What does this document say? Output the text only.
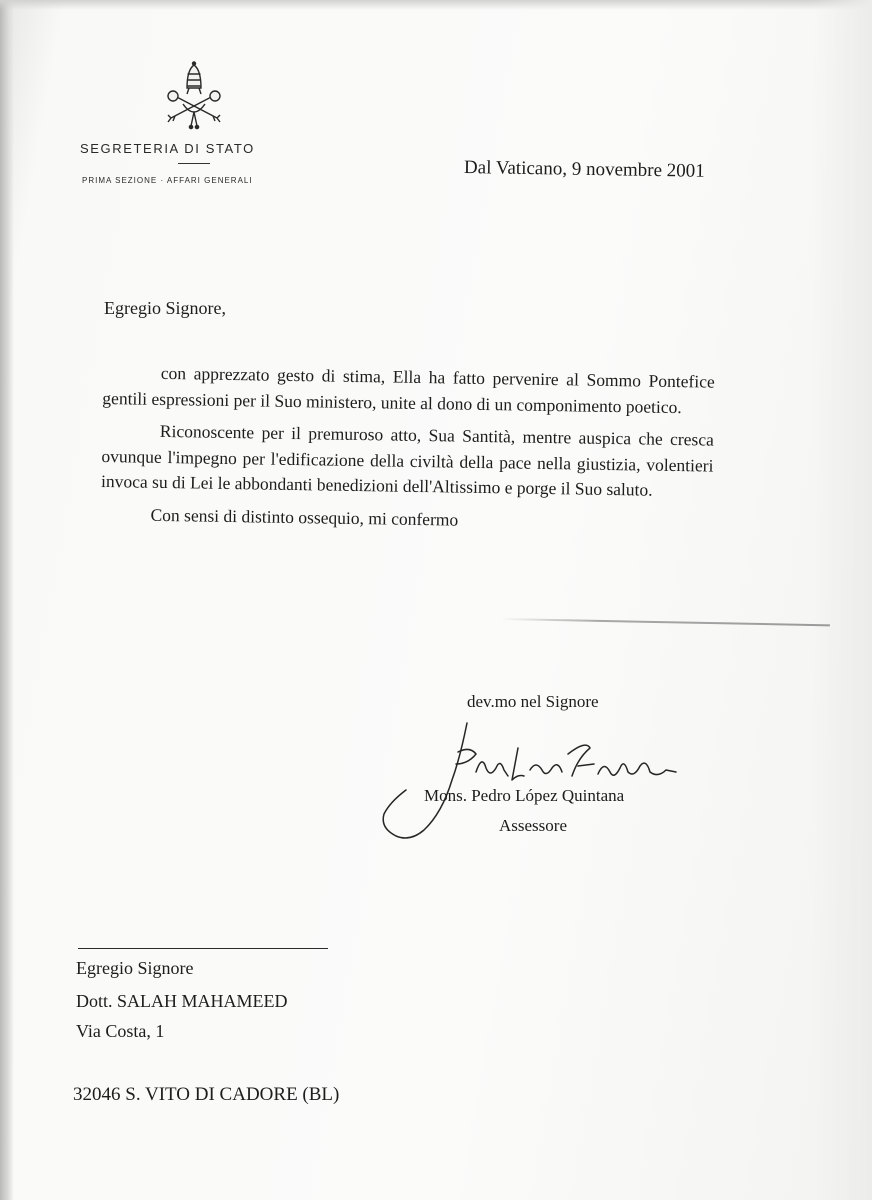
SEGRETERIA DI STATO
PRIMA SEZIONE · AFFARI GENERALI	Dal Vaticano, 9 novembre 2001
Egregio Signore,

con apprezzato gesto di stima, Ella ha fatto pervenire al Sommo Pontefice gentili espressioni per il Suo ministero, unite al dono di un componimento poetico.

Riconoscente per il premuroso atto, Sua Santità, mentre auspica che cresca ovunque l'impegno per l'edificazione della civiltà della pace nella giustizia, volentieri invoca su di Lei le abbondanti benedizioni dell'Altissimo e porge il Suo saluto.

Con sensi di distinto ossequio, mi confermo

dev.mo nel Signore
Mons. Pedro López Quintana
Assessore
Egregio Signore
Dott. SALAH MAHAMEED
Via Costa, 1
32046 S. VITO DI CADORE (BL)
